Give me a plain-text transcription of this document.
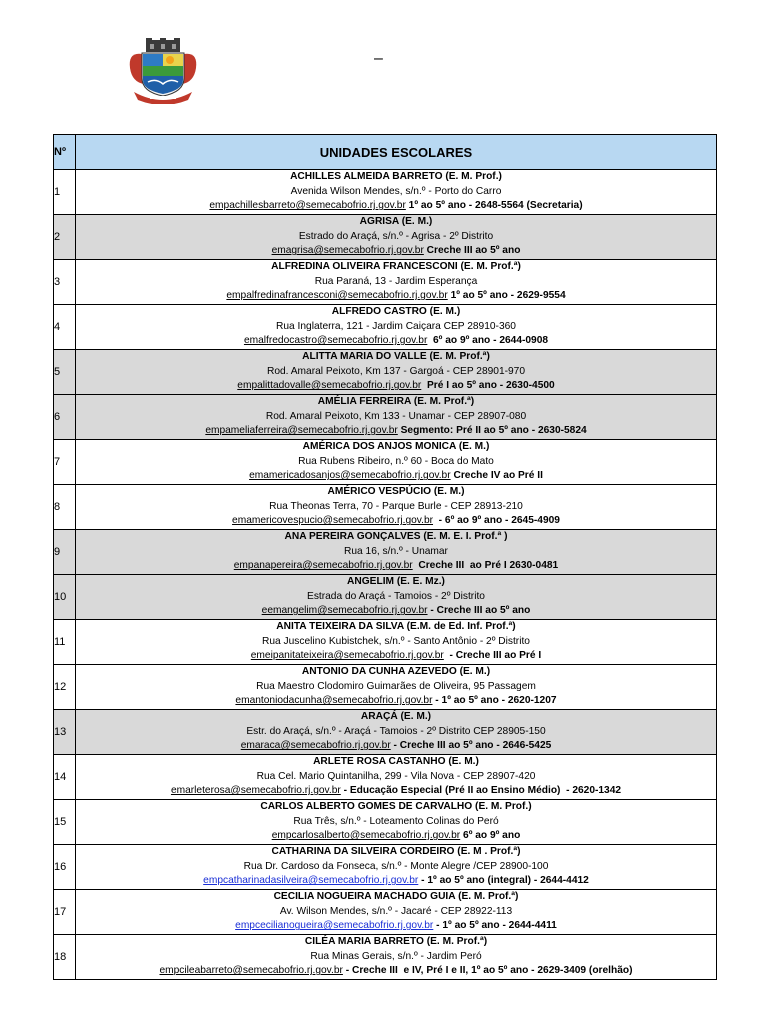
–
Nº	UNIDADES ESCOLARES
1	ACHILLES ALMEIDA BARRETO (E. M. Prof.)
Avenida Wilson Mendes, s/n.º - Porto do Carro
empachillesbarreto@semecabofrio.rj.gov.br 1º ao 5º ano - 2648-5564 (Secretaria)

2	AGRISA (E. M.)
Estrado do Araçá, s/n.º - Agrisa - 2º Distrito
emagrisa@semecabofrio.rj.gov.br Creche III ao 5º ano

3	ALFREDINA OLIVEIRA FRANCESCONI (E. M. Prof.ª)
Rua Paraná, 13 - Jardim Esperança
empalfredinafrancesconi@semecabofrio.rj.gov.br 1º ao 5º ano - 2629-9554

4	ALFREDO CASTRO (E. M.)
Rua Inglaterra, 121 - Jardim Caiçara CEP 28910-360
emalfredocastro@semecabofrio.rj.gov.br  6º ao 9º ano - 2644-0908

5	ALITTA MARIA DO VALLE (E. M. Prof.ª)
Rod. Amaral Peixoto, Km 137 - Gargoá - CEP 28901-970
empalittadovalle@semecabofrio.rj.gov.br  Pré I ao 5º ano - 2630-4500

6	AMÉLIA FERREIRA (E. M. Prof.ª)
Rod. Amaral Peixoto, Km 133 - Unamar - CEP 28907-080
empameliaferreira@semecabofrio.rj.gov.br Segmento: Pré II ao 5º ano - 2630-5824

7	AMÉRICA DOS ANJOS MONICA (E. M.)
Rua Rubens Ribeiro, n.º 60 - Boca do Mato
emamericadosanjos@semecabofrio.rj.gov.br Creche IV ao Pré II

8	AMÉRICO VESPÚCIO (E. M.)
Rua Theonas Terra, 70 - Parque Burle - CEP 28913-210
emamericovespucio@semecabofrio.rj.gov.br  - 6º ao 9º ano - 2645-4909

9	ANA PEREIRA GONÇALVES (E. M. E. I. Prof.ª )
Rua 16, s/n.º - Unamar
empanapereira@semecabofrio.rj.gov.br  Creche III  ao Pré I 2630-0481

10	ANGELIM (E. E. Mz.)
Estrada do Araçá - Tamoios - 2º Distrito
eemangelim@semecabofrio.rj.gov.br - Creche III ao 5º ano

11	ANITA TEIXEIRA DA SILVA (E.M. de Ed. Inf. Prof.ª)
Rua Juscelino Kubistchek, s/n.º - Santo Antônio - 2º Distrito
emeipanitateixeira@semecabofrio.rj.gov.br  - Creche III ao Pré I

12	ANTONIO DA CUNHA AZEVEDO (E. M.)
Rua Maestro Clodomiro Guimarães de Oliveira, 95 Passagem
emantoniodacunha@semecabofrio.rj.gov.br - 1º ao 5º ano - 2620-1207

13	ARAÇÁ (E. M.)
Estr. do Araçá, s/n.º - Araçá - Tamoios - 2º Distrito CEP 28905-150
emaraca@semecabofrio.rj.gov.br - Creche III ao 5º ano - 2646-5425

14	ARLETE ROSA CASTANHO (E. M.)
Rua Cel. Mario Quintanilha, 299 - Vila Nova - CEP 28907-420
emarleterosa@semecabofrio.rj.gov.br - Educação Especial (Pré II ao Ensino Médio)  - 2620-1342

15	CARLOS ALBERTO GOMES DE CARVALHO (E. M. Prof.)
Rua Três, s/n.º - Loteamento Colinas do Peró
empcarlosalberto@semecabofrio.rj.gov.br 6º ao 9º ano

16	CATHARINA DA SILVEIRA CORDEIRO (E. M . Prof.ª)
Rua Dr. Cardoso da Fonseca, s/n.º - Monte Alegre /CEP 28900-100
empcatharinadasilveira@semecabofrio.rj.gov.br - 1º ao 5º ano (integral) - 2644-4412

17	CECILIA NOGUEIRA MACHADO GUIA (E. M. Prof.ª)
Av. Wilson Mendes, s/n.º - Jacaré - CEP 28922-113
empcecilianogueira@semecabofrio.rj.gov.br - 1º ao 5º ano - 2644-4411

18	CILÉA MARIA BARRETO (E. M. Prof.ª)
Rua Minas Gerais, s/n.º - Jardim Peró
empcileabarreto@semecabofrio.rj.gov.br - Creche III  e IV, Pré I e II, 1º ao 5º ano - 2629-3409 (orelhão)
